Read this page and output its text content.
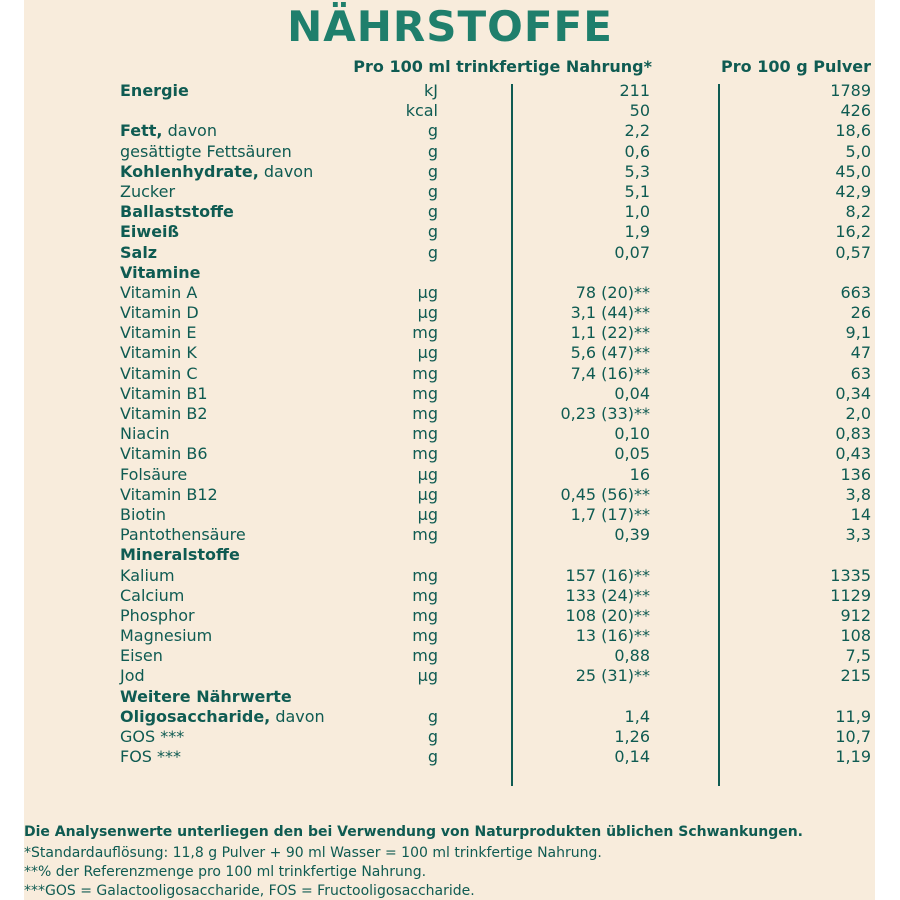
NÄHRSTOFFE
Pro 100 ml trinkfertige Nahrung*	Pro 100 g Pulver
Energie	kJ	211	1789
kcal	50	426
Fett, davon	g	2,2	18,6
gesättigte Fettsäuren	g	0,6	5,0
Kohlenhydrate, davon	g	5,3	45,0
Zucker	g	5,1	42,9
Ballaststoffe	g	1,0	8,2
Eiweiß	g	1,9	16,2
Salz	g	0,07	0,57
Vitamine
Vitamin A	µg	78 (20)**	663
Vitamin D	µg	3,1 (44)**	26
Vitamin E	mg	1,1 (22)**	9,1
Vitamin K	µg	5,6 (47)**	47
Vitamin C	mg	7,4 (16)**	63
Vitamin B1	mg	0,04	0,34
Vitamin B2	mg	0,23 (33)**	2,0
Niacin	mg	0,10	0,83
Vitamin B6	mg	0,05	0,43
Folsäure	µg	16	136
Vitamin B12	µg	0,45 (56)**	3,8
Biotin	µg	1,7 (17)**	14
Pantothensäure	mg	0,39	3,3
Mineralstoffe
Kalium	mg	157 (16)**	1335
Calcium	mg	133 (24)**	1129
Phosphor	mg	108 (20)**	912
Magnesium	mg	13 (16)**	108
Eisen	mg	0,88	7,5
Jod	µg	25 (31)**	215
Weitere Nährwerte
Oligosaccharide, davon	g	1,4	11,9
GOS ***	g	1,26	10,7
FOS ***	g	0,14	1,19
Die Analysenwerte unterliegen den bei Verwendung von Naturprodukten üblichen Schwankungen.
*Standardauflösung: 11,8 g Pulver + 90 ml Wasser = 100 ml trinkfertige Nahrung.
**% der Referenzmenge pro 100 ml trinkfertige Nahrung.
***GOS = Galactooligosaccharide, FOS = Fructooligosaccharide.
